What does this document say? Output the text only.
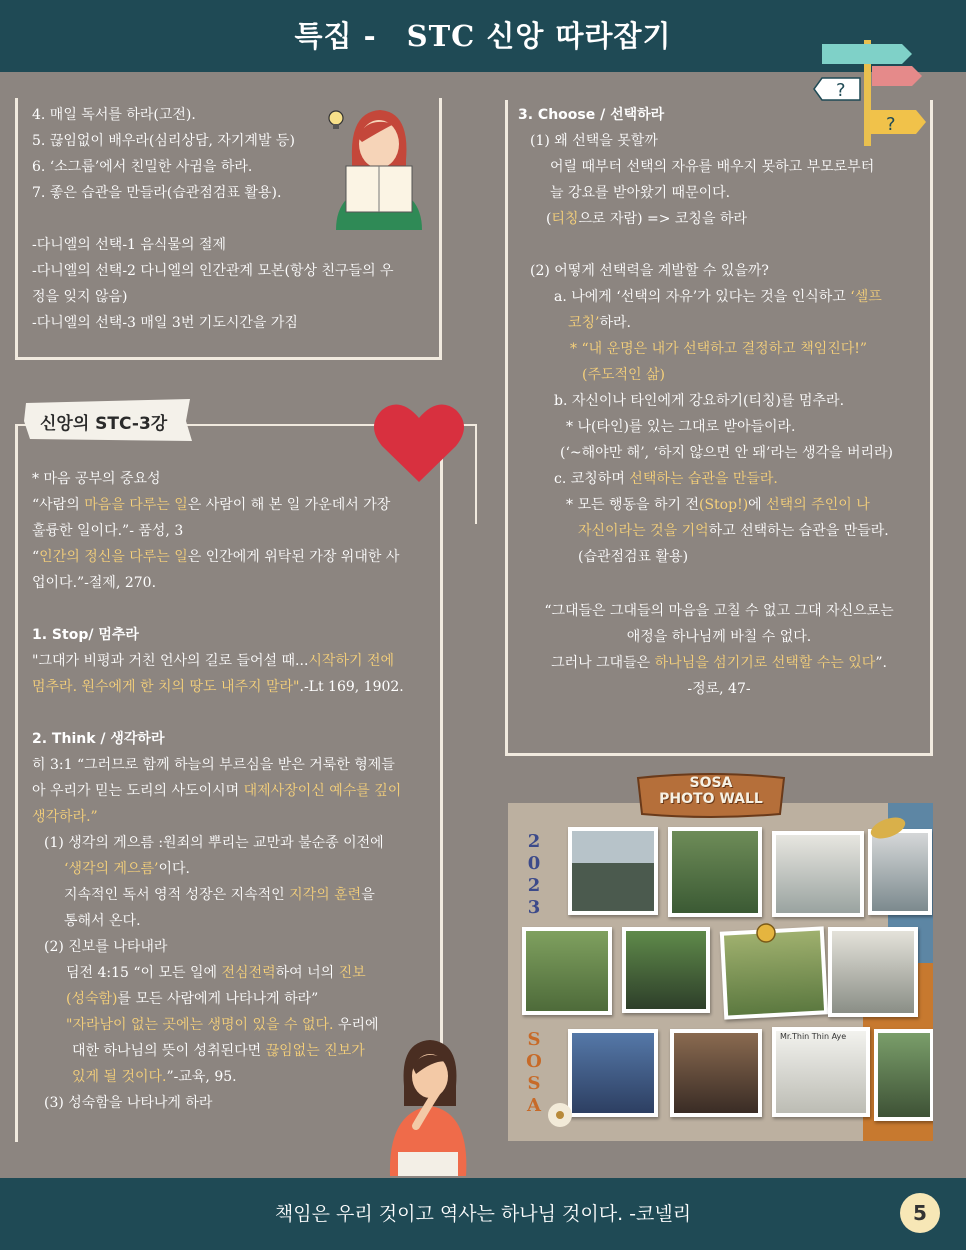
특집 - STC 신앙 따라잡기
?
?
4. 매일 독서를 하라(고전).
5. 끊임없이 배우라(심리상담, 자기계발 등)
6. ‘소그룹’에서 친밀한 사귐을 하라.
7. 좋은 습관을 만들라(습관점검표 활용).
-다니엘의 선택-1 음식물의 절제
-다니엘의 선택-2 다니엘의 인간관계 모본(항상 친구들의 우
정을 잊지 않음)
-다니엘의 선택-3 매일 3번 기도시간을 가짐
신앙의 STC-3강
* 마음 공부의 중요성
“사람의 마음을 다루는 일은 사람이 해 본 일 가운데서 가장
훌륭한 일이다.”- 품성, 3
“인간의 정신을 다루는 일은 인간에게 위탁된 가장 위대한 사
업이다.”-절제, 270.
1. Stop/ 멈추라
"그대가 비평과 거친 언사의 길로 들어설 때...시작하기 전에
멈추라. 원수에게 한 치의 땅도 내주지 말라".-Lt 169, 1902.
2. Think / 생각하라
히 3:1 “그러므로 함께 하늘의 부르심을 받은 거룩한 형제들
아 우리가 믿는 도리의 사도이시며 대제사장이신 예수를 깊이
생각하라.”
(1) 생각의 게으름 :원죄의 뿌리는 교만과 불순종 이전에
‘생각의 게으름’이다.
지속적인 독서 영적 성장은 지속적인 지각의 훈련을
통해서 온다.
(2) 진보를 나타내라
딤전 4:15 “이 모든 일에 전심전력하여 너의 진보
(성숙함)를 모든 사람에게 나타나게 하라”
"자라남이 없는 곳에는 생명이 있을 수 없다. 우리에
대한 하나님의 뜻이 성취된다면 끊임없는 진보가
있게 될 것이다.”-교육, 95.
(3) 성숙함을 나타나게 하라
3. Choose / 선택하라
(1) 왜 선택을 못할까
어릴 때부터 선택의 자유를 배우지 못하고 부모로부터
늘 강요를 받아왔기 때문이다.
(티칭으로 자람) => 코칭을 하라
(2) 어떻게 선택력을 계발할 수 있을까?
a. 나에게 ‘선택의 자유’가 있다는 것을 인식하고 ‘셀프
코칭’하라.
* “내 운명은 내가 선택하고 결정하고 책임진다!”
(주도적인 삶)
b. 자신이나 타인에게 강요하기(티칭)를 멈추라.
* 나(타인)를 있는 그대로 받아들이라.
(‘~해야만 해’, ‘하지 않으면 안 돼’라는 생각을 버리라)
c. 코칭하며 선택하는 습관을 만들라.
* 모든 행동을 하기 전(Stop!)에 선택의 주인이 나
자신이라는 것을 기억하고 선택하는 습관을 만들라.
(습관점검표 활용)
“그대들은 그대들의 마음을 고칠 수 없고 그대 자신으로는
애정을 하나님께 바칠 수 없다.
그러나 그대들은 하나님을 섬기기로 선택할 수는 있다”.
-정로, 47-
2
0
2
3
S
O
S
A
Mr.Thin Thin Aye
SOSA
PHOTO WALL
책임은 우리 것이고 역사는 하나님 것이다. -코넬리	5
